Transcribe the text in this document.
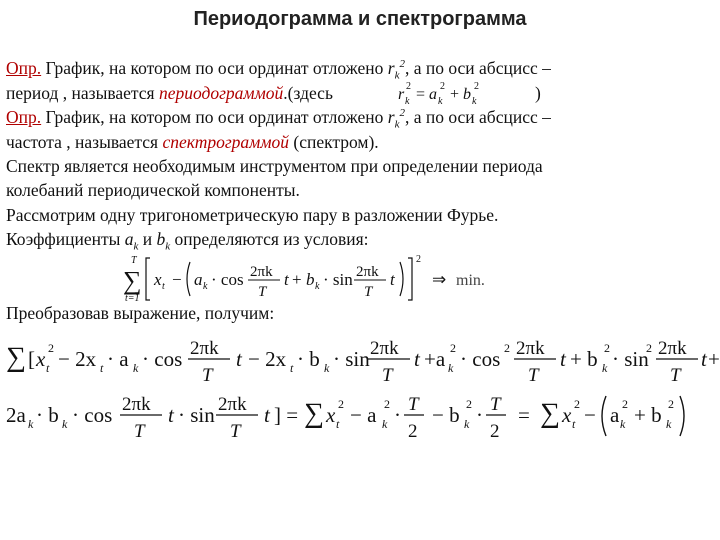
Периодограмма и спектрограмма
Опр. График, на котором по оси ординат отложено $r_k^2$, а по оси абсцисс –
период , называется периодограммой.(здесь	r k
2 = a k
2 + b k
2	)
Опр. График, на котором по оси ординат отложено $r_k^2$, а по оси абсцисс –
частота , называется спектрограммой (спектром).
Спектр является необходимым инструментом при определении периода
колебаний периодической компоненты.
Рассмотрим одну тригонометрическую пару в разложении Фурье.
Коэффициенты $a_k$ и $b_k$ определяются из условия:
T
∑
t=1
x t − a k · cos 2πk
T
t + b k · sin 2πk
T
t
2
⇒ min.
Преобразовав выражение, получим:
∑ [ x t
2 − 2x t · a k · cos 2πk
T
t − 2x t · b k · sin 2πk
T
t +a k
2 · cos 2 2πk
T
t + b k
2 · sin
2 2πk
T
t +
2a k · b k · cos 2πk
T
t · sin 2πk
T
t ] = ∑ x t
2 − a k
2 · T
2
− b k
2 · T
2
= ∑ x t
2 − a k
2 + b k
2
